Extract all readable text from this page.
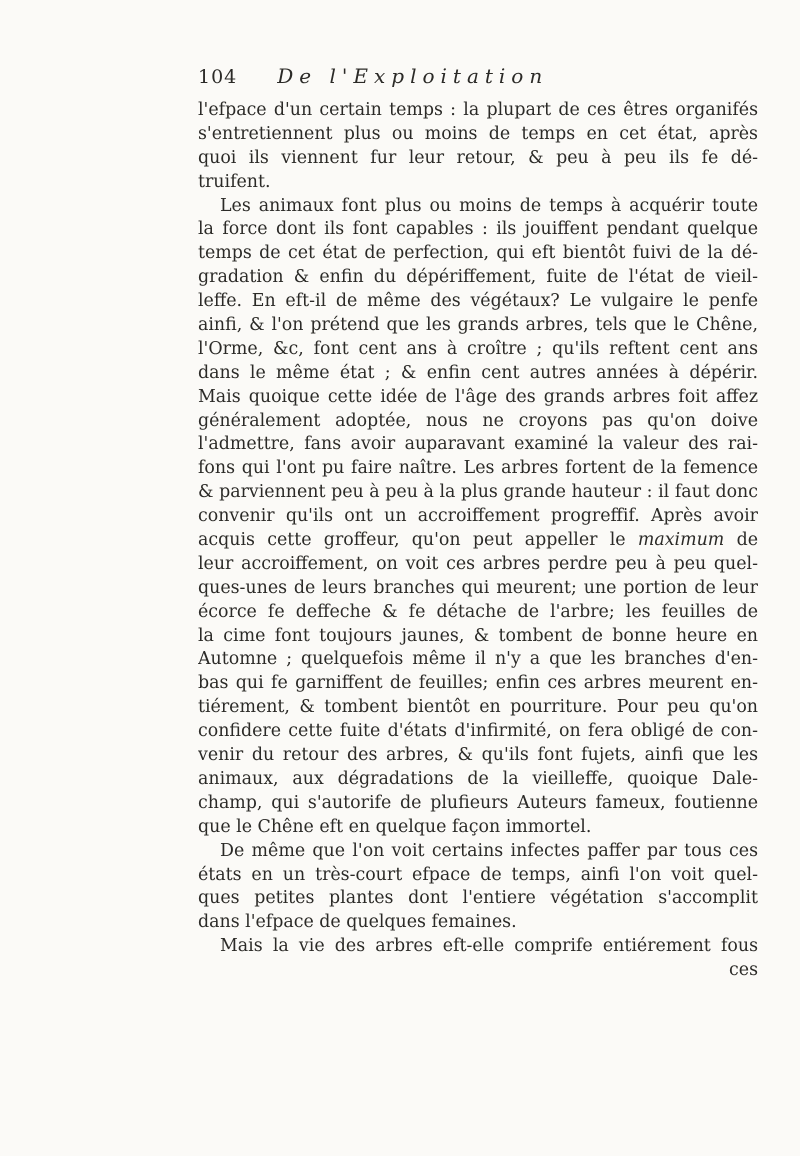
104 De l'Exploitation
l'efpace d'un certain temps : la plupart de ces êtres organifés
s'entretiennent plus ou moins de temps en cet état, après
quoi ils viennent fur leur retour, & peu à peu ils fe dé-
truifent.
Les animaux font plus ou moins de temps à acquérir toute
la force dont ils font capables : ils jouiffent pendant quelque
temps de cet état de perfection, qui eft bientôt fuivi de la dé-
gradation & enfin du dépériffement, fuite de l'état de vieil-
leffe. En eft-il de même des végétaux? Le vulgaire le penfe
ainfi, & l'on prétend que les grands arbres, tels que le Chêne,
l'Orme, &c, font cent ans à croître ; qu'ils reftent cent ans
dans le même état ; & enfin cent autres années à dépérir.
Mais quoique cette idée de l'âge des grands arbres foit affez
généralement adoptée, nous ne croyons pas qu'on doive
l'admettre, fans avoir auparavant examiné la valeur des rai-
fons qui l'ont pu faire naître. Les arbres fortent de la femence
& parviennent peu à peu à la plus grande hauteur : il faut donc
convenir qu'ils ont un accroiffement progreffif. Après avoir
acquis cette groffeur, qu'on peut appeller le maximum de
leur accroiffement, on voit ces arbres perdre peu à peu quel-
ques-unes de leurs branches qui meurent; une portion de leur
écorce fe deffeche & fe détache de l'arbre; les feuilles de
la cime font toujours jaunes, & tombent de bonne heure en
Automne ; quelquefois même il n'y a que les branches d'en-
bas qui fe garniffent de feuilles; enfin ces arbres meurent en-
tiérement, & tombent bientôt en pourriture. Pour peu qu'on
confidere cette fuite d'états d'infirmité, on fera obligé de con-
venir du retour des arbres, & qu'ils font fujets, ainfi que les
animaux, aux dégradations de la vieilleffe, quoique Dale-
champ, qui s'autorife de plufieurs Auteurs fameux, foutienne
que le Chêne eft en quelque façon immortel.
De même que l'on voit certains infectes paffer par tous ces
états en un très-court efpace de temps, ainfi l'on voit quel-
ques petites plantes dont l'entiere végétation s'accomplit
dans l'efpace de quelques femaines.
Mais la vie des arbres eft-elle comprife entiérement fous
ces
